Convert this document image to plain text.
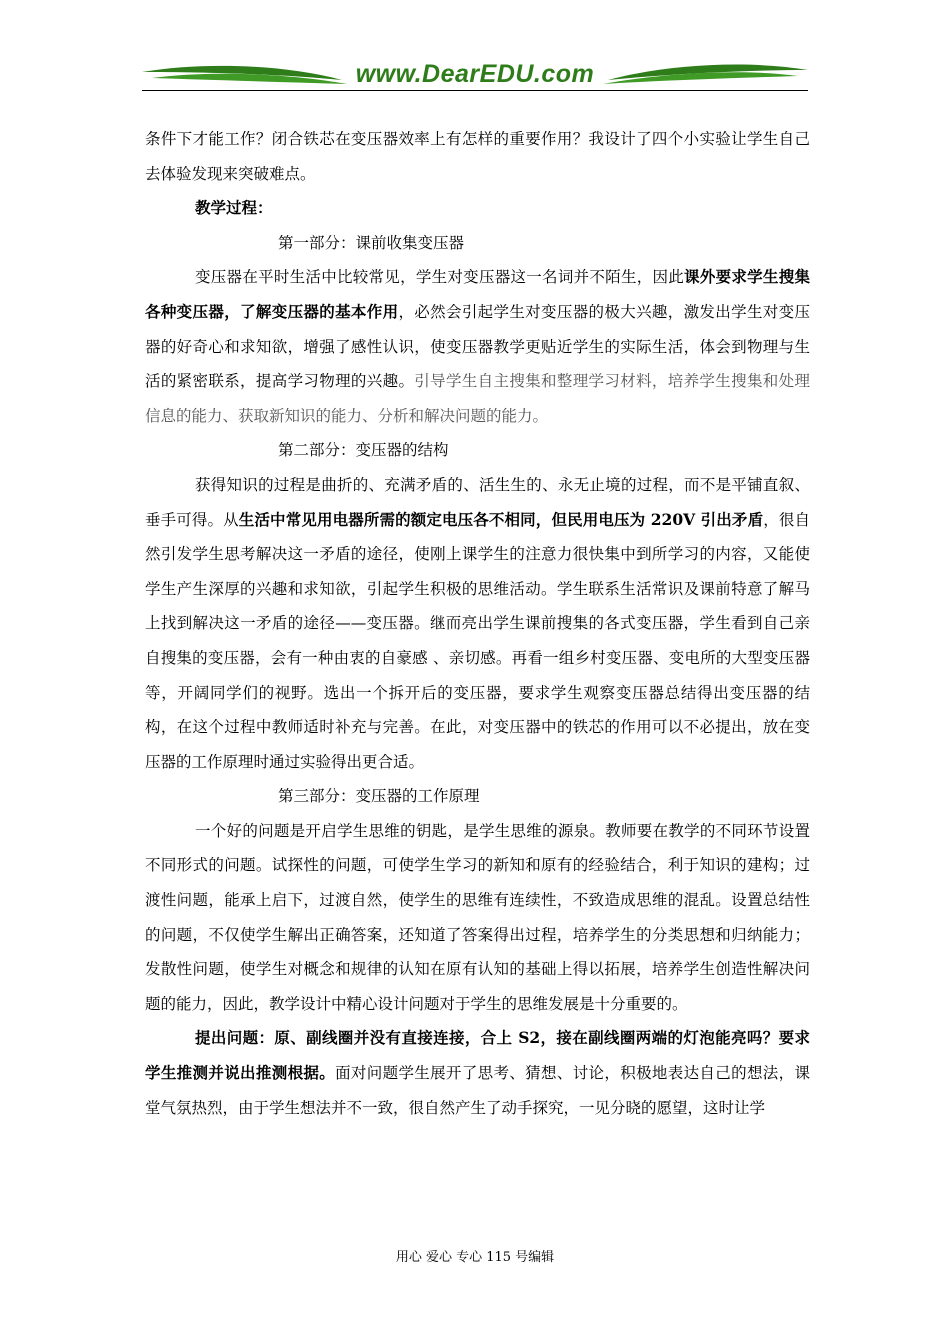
www.DearEDU.com

条件下才能工作？闭合铁芯在变压器效率上有怎样的重要作用？我设计了四个小实验让学生自己去体验发现来突破难点。

教学过程：

第一部分：课前收集变压器

变压器在平时生活中比较常见，学生对变压器这一名词并不陌生，因此课外要求学生搜集各种变压器，了解变压器的基本作用，必然会引起学生对变压器的极大兴趣，激发出学生对变压器的好奇心和求知欲，增强了感性认识，使变压器教学更贴近学生的实际生活，体会到物理与生活的紧密联系，提高学习物理的兴趣。引导学生自主搜集和整理学习材料，培养学生搜集和处理信息的能力、获取新知识的能力、分析和解决问题的能力。

第二部分：变压器的结构

获得知识的过程是曲折的、充满矛盾的、活生生的、永无止境的过程，而不是平铺直叙、垂手可得。从生活中常见用电器所需的额定电压各不相同，但民用电压为 220V 引出矛盾，很自然引发学生思考解决这一矛盾的途径，使刚上课学生的注意力很快集中到所学习的内容，又能使学生产生深厚的兴趣和求知欲，引起学生积极的思维活动。学生联系生活常识及课前特意了解马上找到解决这一矛盾的途径——变压器。继而亮出学生课前搜集的各式变压器，学生看到自己亲自搜集的变压器，会有一种由衷的自豪感 、亲切感。再看一组乡村变压器、变电所的大型变压器等，开阔同学们的视野。选出一个拆开后的变压器，要求学生观察变压器总结得出变压器的结构，在这个过程中教师适时补充与完善。在此，对变压器中的铁芯的作用可以不必提出，放在变压器的工作原理时通过实验得出更合适。

第三部分：变压器的工作原理

一个好的问题是开启学生思维的钥匙，是学生思维的源泉。教师要在教学的不同环节设置不同形式的问题。试探性的问题，可使学生学习的新知和原有的经验结合，利于知识的建构；过渡性问题，能承上启下，过渡自然，使学生的思维有连续性，不致造成思维的混乱。设置总结性的问题，不仅使学生解出正确答案，还知道了答案得出过程，培养学生的分类思想和归纳能力；发散性问题，使学生对概念和规律的认知在原有认知的基础上得以拓展，培养学生创造性解决问题的能力，因此，教学设计中精心设计问题对于学生的思维发展是十分重要的。

提出问题：原、副线圈并没有直接连接，合上 S2，接在副线圈两端的灯泡能亮吗？要求学生推测并说出推测根据。面对问题学生展开了思考、猜想、讨论，积极地表达自己的想法，课堂气氛热烈，由于学生想法并不一致，很自然产生了动手探究，一见分晓的愿望，这时让学

用心 爱心 专心 115 号编辑
